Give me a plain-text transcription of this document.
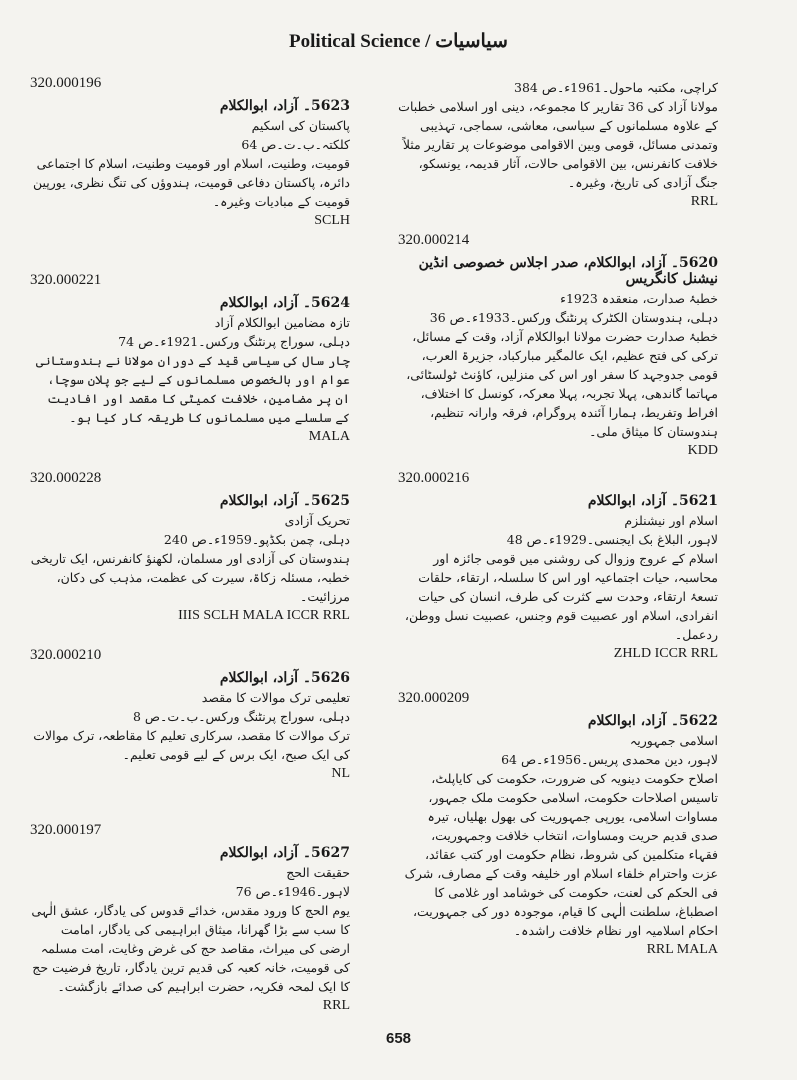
Political Science / سیاسیات
320.000196
5623۔ آزاد، ابوالکلام
پاکستان کی اسکیم
کلکتہ۔ب۔ت۔ص 64
قومیت، وطنیت، اسلام اور قومیت وطنیت، اسلام کا اجتماعی دائرہ، پاکستان دفاعی قومیت، ہندوؤں کی تنگ نظری، یورپین قومیت کے مبادیات وغیرہ۔
SCLH
320.000221
5624۔ آزاد، ابوالکلام
تازہ مضامین ابوالکلام آزاد
دہلی، سوراج پرنٹنگ ورکس۔1921ء۔ص 74
چار سال کی سیاسی قید کے دوران مولانا نے ہندوستانی عوام اور بالخصوص مسلمانوں کے لیے جو پلان سوچا، ان پر مضامین، خلافت کمیٹی کا مقصد اور افادیت کے سلسلے میں مسلمانوں کا طریقہ کار کیا ہو۔
MALA
320.000228
5625۔ آزاد، ابوالکلام
تحریک آزادی
دہلی، چمن بکڈپو۔1959ء۔ص 240
ہندوستان کی آزادی اور مسلمان، لکھنؤ کانفرنس، ایک تاریخی خطبہ، مسئلہ زکاۃ، سیرت کی عظمت، مذہب کی دکان، مرزائیت۔
IIIS SCLH MALA ICCR RRL
320.000210
5626۔ آزاد، ابوالکلام
تعلیمی ترک موالات کا مقصد
دہلی، سوراج پرنٹنگ ورکس۔ب۔ت۔ص 8
ترک موالات کا مقصد، سرکاری تعلیم کا مقاطعہ، ترک موالات کی ایک صبح، ایک برس کے لیے قومی تعلیم۔
NL
320.000197
5627۔ آزاد، ابوالکلام
حقیقت الحج
لاہور۔1946ء۔ص 76
یوم الحج کا ورود مقدس، خدائے قدوس کی یادگار، عشق الٰہی کا سب سے بڑا گھرانا، میثاق ابراہیمی کی یادگار، امامت ارضی کی میراث، مقاصد حج کی غرض وغایت، امت مسلمہ کی قومیت، خانہ کعبہ کی قدیم ترین یادگار، تاریخ فرضیت حج کا ایک لمحہ فکریہ، حضرت ابراہیم کی صدائے بازگشت۔
RRL
کراچی، مکتبہ ماحول۔1961ء۔ص 384
مولانا آزاد کی 36 تقاریر کا مجموعہ، دینی اور اسلامی خطبات کے علاوہ مسلمانوں کے سیاسی، معاشی، سماجی، تہذیبی وتمدنی مسائل، قومی وبین الاقوامی موضوعات پر تقاریر مثلاً خلافت کانفرنس، بین الاقوامی حالات، آثار قدیمہ، یونسکو، جنگ آزادی کی تاریخ، وغیرہ۔
RRL
320.000214
5620۔ آزاد، ابوالکلام، صدر اجلاس خصوصی انڈین نیشنل کانگریس
خطبۂ صدارت، منعقدہ 1923ء
دہلی، ہندوستان الکٹرک پرنٹنگ ورکس۔1933ء۔ص 36
خطبۂ صدارت حضرت مولانا ابوالکلام آزاد، وقت کے مسائل، ترکی کی فتح عظیم، ایک عالمگیر مبارکباد، جزیرۃ العرب، قومی جدوجہد کا سفر اور اس کی منزلیں، کاؤنٹ ٹولسٹائی، مہاتما گاندھی، پہلا تجربہ، پہلا معرکہ، کونسل کا اختلاف، افراط وتفریط، ہمارا آئندہ پروگرام، فرقہ وارانہ تنظیم، ہندوستان کا میثاق ملی۔
KDD
320.000216
5621۔ آزاد، ابوالکلام
اسلام اور نیشنلزم
لاہور، البلاغ بک ایجنسی۔1929ء۔ص 48
اسلام کے عروج وزوال کی روشنی میں قومی جائزہ اور محاسبہ، حیات اجتماعیہ اور اس کا سلسلہ، ارتقاء، حلقات تسعۂ ارتقاء، وحدت سے کثرت کی طرف، انسان کی حیات انفرادی، اسلام اور عصبیت قوم وجنس، عصبیت نسل ووطن، ردعمل۔
ZHLD ICCR RRL
320.000209
5622۔ آزاد، ابوالکلام
اسلامی جمہوریہ
لاہور، دین محمدی پریس۔1956ء۔ص 64
اصلاح حکومت دینویہ کی ضرورت، حکومت کی کایاپلٹ، تاسیس اصلاحات حکومت، اسلامی حکومت ملک جمہور، مساوات اسلامی، یورپی جمہوریت کی بھول بھلیاں، تیرہ صدی قدیم حریت ومساوات، انتخاب خلافت وجمہوریت، فقہاء متکلمین کی شروط، نظام حکومت اور کتب عقائد، عزت واحترام خلفاء اسلام اور خلیفہ وقت کے مصارف، شرک فی الحکم کی لعنت، حکومت کی خوشامد اور غلامی کا اصطباغ، سلطنت الٰہی کا قیام، موجودہ دور کی جمہوریت، احکام اسلامیہ اور نظام خلافت راشدہ۔
RRL MALA
658
